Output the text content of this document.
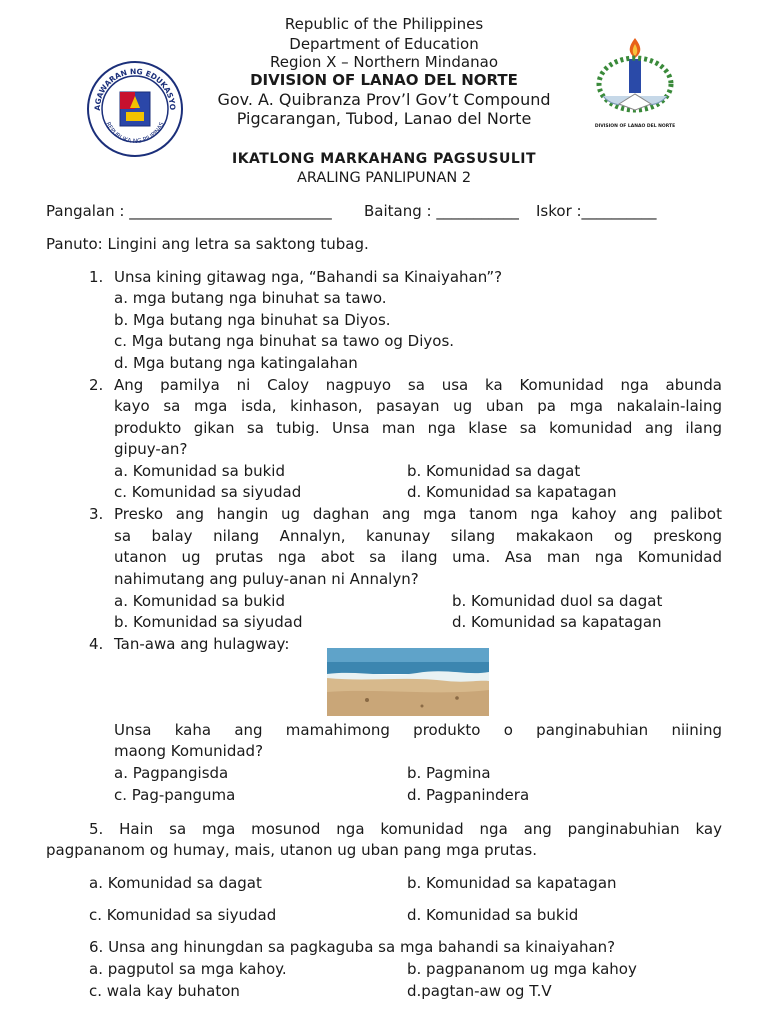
AGAWARAN NG EDUKASYO
REPUBLIKA NG PILIPINAS	DIVISION OF LANAO DEL NORTE
Republic of the Philippines
Department of Education
Region X – Northern Mindanao
DIVISION OF LANAO DEL NORTE
Gov. A. Quibranza Prov’l Gov’t Compound
Pigcarangan, Tubod, Lanao del Norte
IKATLONG MARKAHANG PAGSUSULIT
ARALING PANLIPUNAN 2
Pangalan : ___________________________ Baitang : ___________ Iskor :__________
Panuto: Lingini ang letra sa saktong tubag.
1. Unsa kining gitawag nga, “Bahandi sa Kinaiyahan”?
a. mga butang nga binuhat sa tawo.
b. Mga butang nga binuhat sa Diyos.
c. Mga butang nga binuhat sa tawo og Diyos.
d. Mga butang nga katingalahan
2. Ang pamilya ni Caloy nagpuyo sa usa ka Komunidad nga abunda
kayo sa mga isda, kinhason, pasayan ug uban pa mga nakalain-laing
produkto gikan sa tubig. Unsa man nga klase sa komunidad ang ilang
gipuy-an?
a. Komunidad sa bukid	b. Komunidad sa dagat
c. Komunidad sa siyudad	d. Komunidad sa kapatagan
3. Presko ang hangin ug daghan ang mga tanom nga kahoy ang palibot
sa balay nilang Annalyn, kanunay silang makakaon og preskong
utanon ug prutas nga abot sa ilang uma. Asa man nga Komunidad
nahimutang ang puluy-anan ni Annalyn?
a. Komunidad sa bukid	b. Komunidad duol sa dagat
b. Komunidad sa siyudad	d. Komunidad sa kapatagan
4. Tan-awa ang hulagway:
Unsa kaha ang mamahimong produkto o panginabuhian niining
maong Komunidad?
a. Pagpangisda	b. Pagmina
c. Pag-panguma	d. Pagpanindera
5. Hain sa mga mosunod nga komunidad nga ang panginabuhian kay
pagpananom og humay, mais, utanon ug uban pang mga prutas.
a. Komunidad sa dagat	b. Komunidad sa kapatagan
c. Komunidad sa siyudad	d. Komunidad sa bukid
6. Unsa ang hinungdan sa pagkaguba sa mga bahandi sa kinaiyahan?
a. pagputol sa mga kahoy.	b. pagpananom ug mga kahoy
c. wala kay buhaton	d.pagtan-aw og T.V
